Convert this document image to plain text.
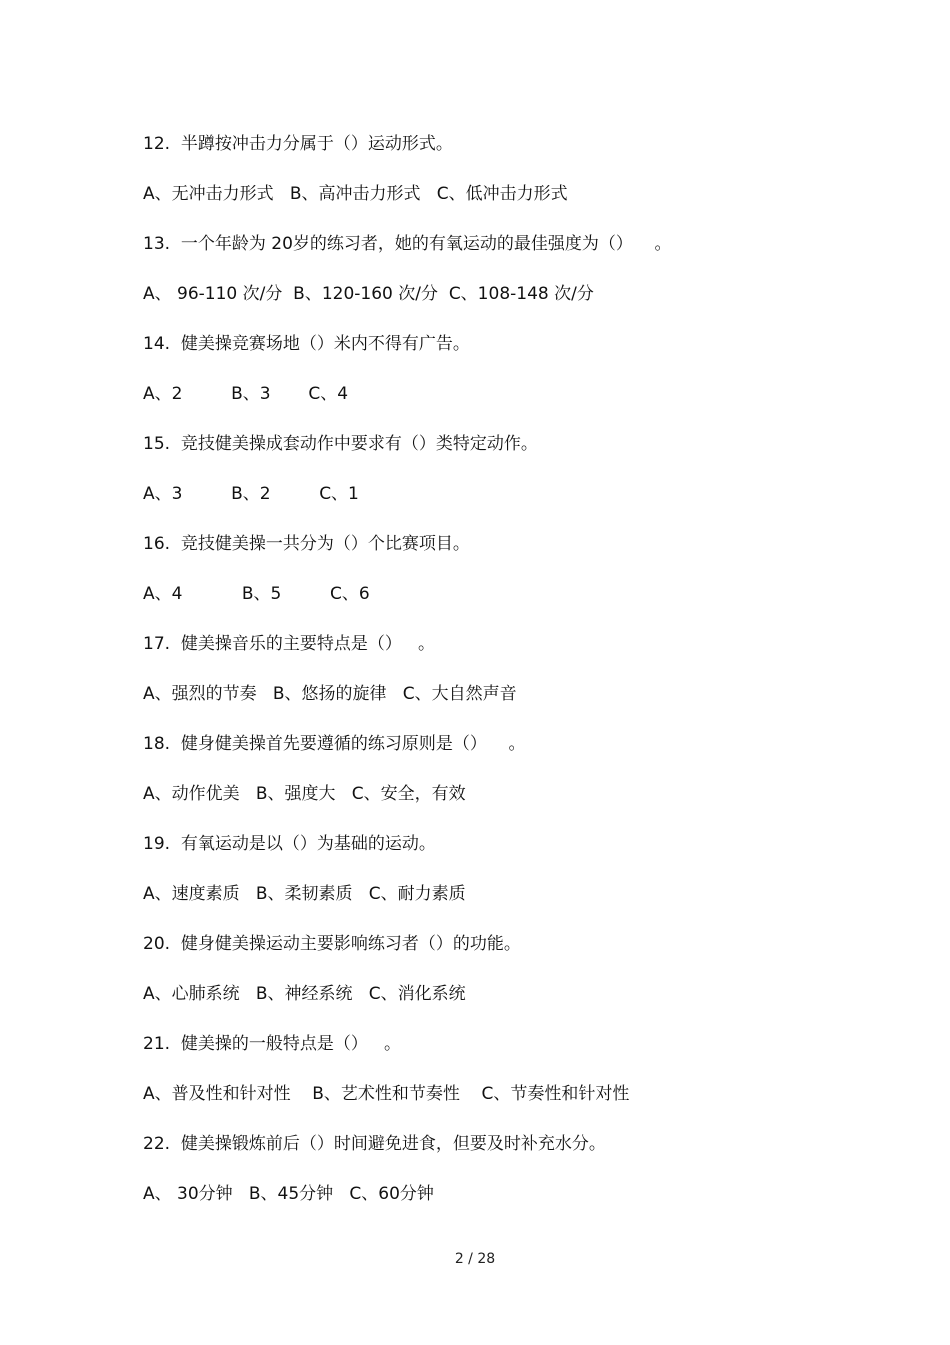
12.  半蹲按冲击力分属于（）运动形式。
A、无冲击力形式   B、高冲击力形式   C、低冲击力形式
13.  一个年龄为 20岁的练习者，她的有氧运动的最佳强度为（）    。
A、 96-110 次/分  B、120-160 次/分  C、108-148 次/分
14.  健美操竞赛场地（）米内不得有广告。
A、2         B、3       C、4
15.  竞技健美操成套动作中要求有（）类特定动作。
A、3         B、2         C、1
16.  竞技健美操一共分为（）个比赛项目。
A、4           B、5         C、6
17.  健美操音乐的主要特点是（）   。
A、强烈的节奏   B、悠扬的旋律   C、大自然声音
18.  健身健美操首先要遵循的练习原则是（）    。
A、动作优美   B、强度大   C、安全，有效
19.  有氧运动是以（）为基础的运动。
A、速度素质   B、柔韧素质   C、耐力素质
20.  健身健美操运动主要影响练习者（）的功能。
A、心肺系统   B、神经系统   C、消化系统
21.  健美操的一般特点是（）   。
A、普及性和针对性    B、艺术性和节奏性    C、节奏性和针对性
22.  健美操锻炼前后（）时间避免进食，但要及时补充水分。
A、 30分钟   B、45分钟   C、60分钟
2 / 28
